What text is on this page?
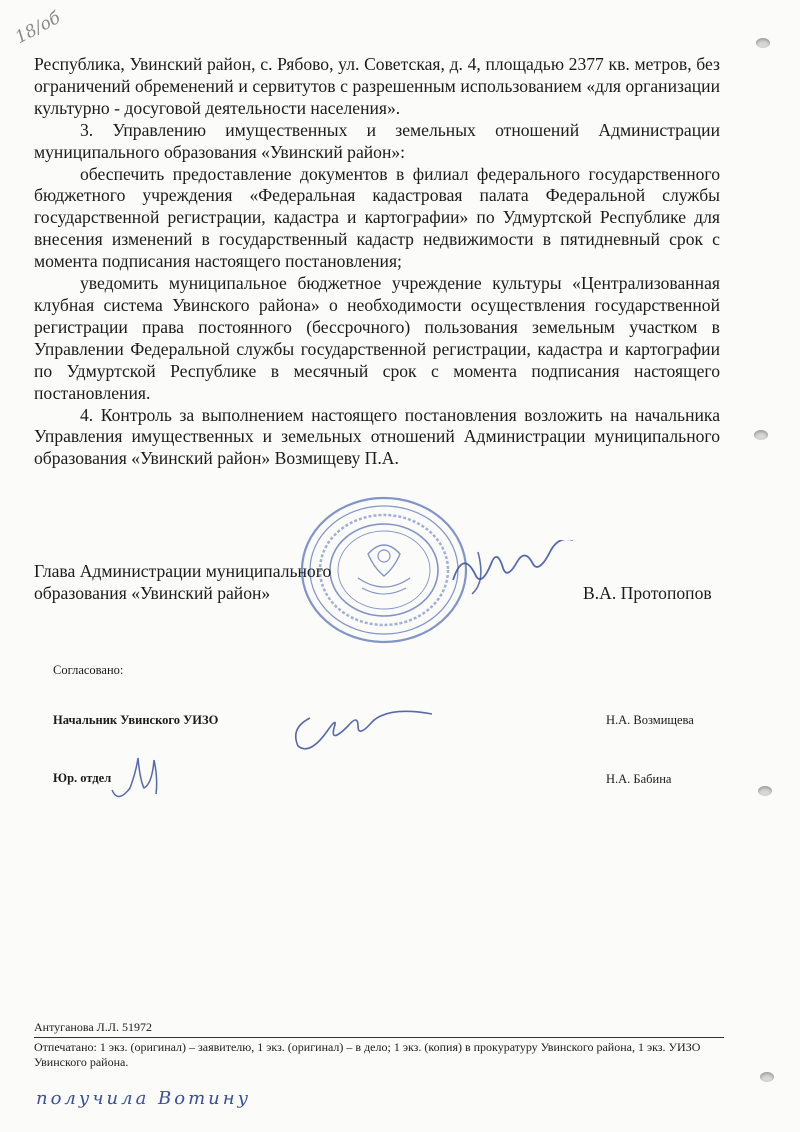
18/об

Республика, Увинский район, с. Рябово, ул. Советская, д. 4, площадью 2377 кв. метров, без ограничений обременений и сервитутов с разрешенным использованием «для организации культурно - досуговой деятельности населения».

3. Управлению имущественных и земельных отношений Администрации муниципального образования «Увинский район»:

обеспечить предоставление документов в филиал федерального государственного бюджетного учреждения «Федеральная кадастровая палата Федеральной службы государственной регистрации, кадастра и картографии» по Удмуртской Республике для внесения изменений в государственный кадастр недвижимости в пятидневный срок с момента подписания настоящего постановления;

уведомить муниципальное бюджетное учреждение культуры «Централизованная клубная система Увинского района» о необходимости осуществления государственной регистрации права постоянного (бессрочного) пользования земельным участком в Управлении Федеральной службы государственной регистрации, кадастра и картографии по Удмуртской Республике в месячный срок с момента подписания настоящего постановления.

4. Контроль за выполнением настоящего постановления возложить на начальника Управления имущественных и земельных отношений Администрации муниципального образования «Увинский район» Возмищеву П.А.

Глава Администрации муниципального
образования «Увинский район»	В.А. Протопопов
Согласовано:
Начальник Увинского УИЗО	Н.А. Возмищева
Юр. отдел	Н.А. Бабина
Антуганова Л.Л. 51972
Отпечатано: 1 экз. (оригинал) – заявителю, 1 экз. (оригинал) – в дело; 1 экз. (копия) в прокуратуру Увинского района, 1 экз. УИЗО Увинского района.
получила Вотину
